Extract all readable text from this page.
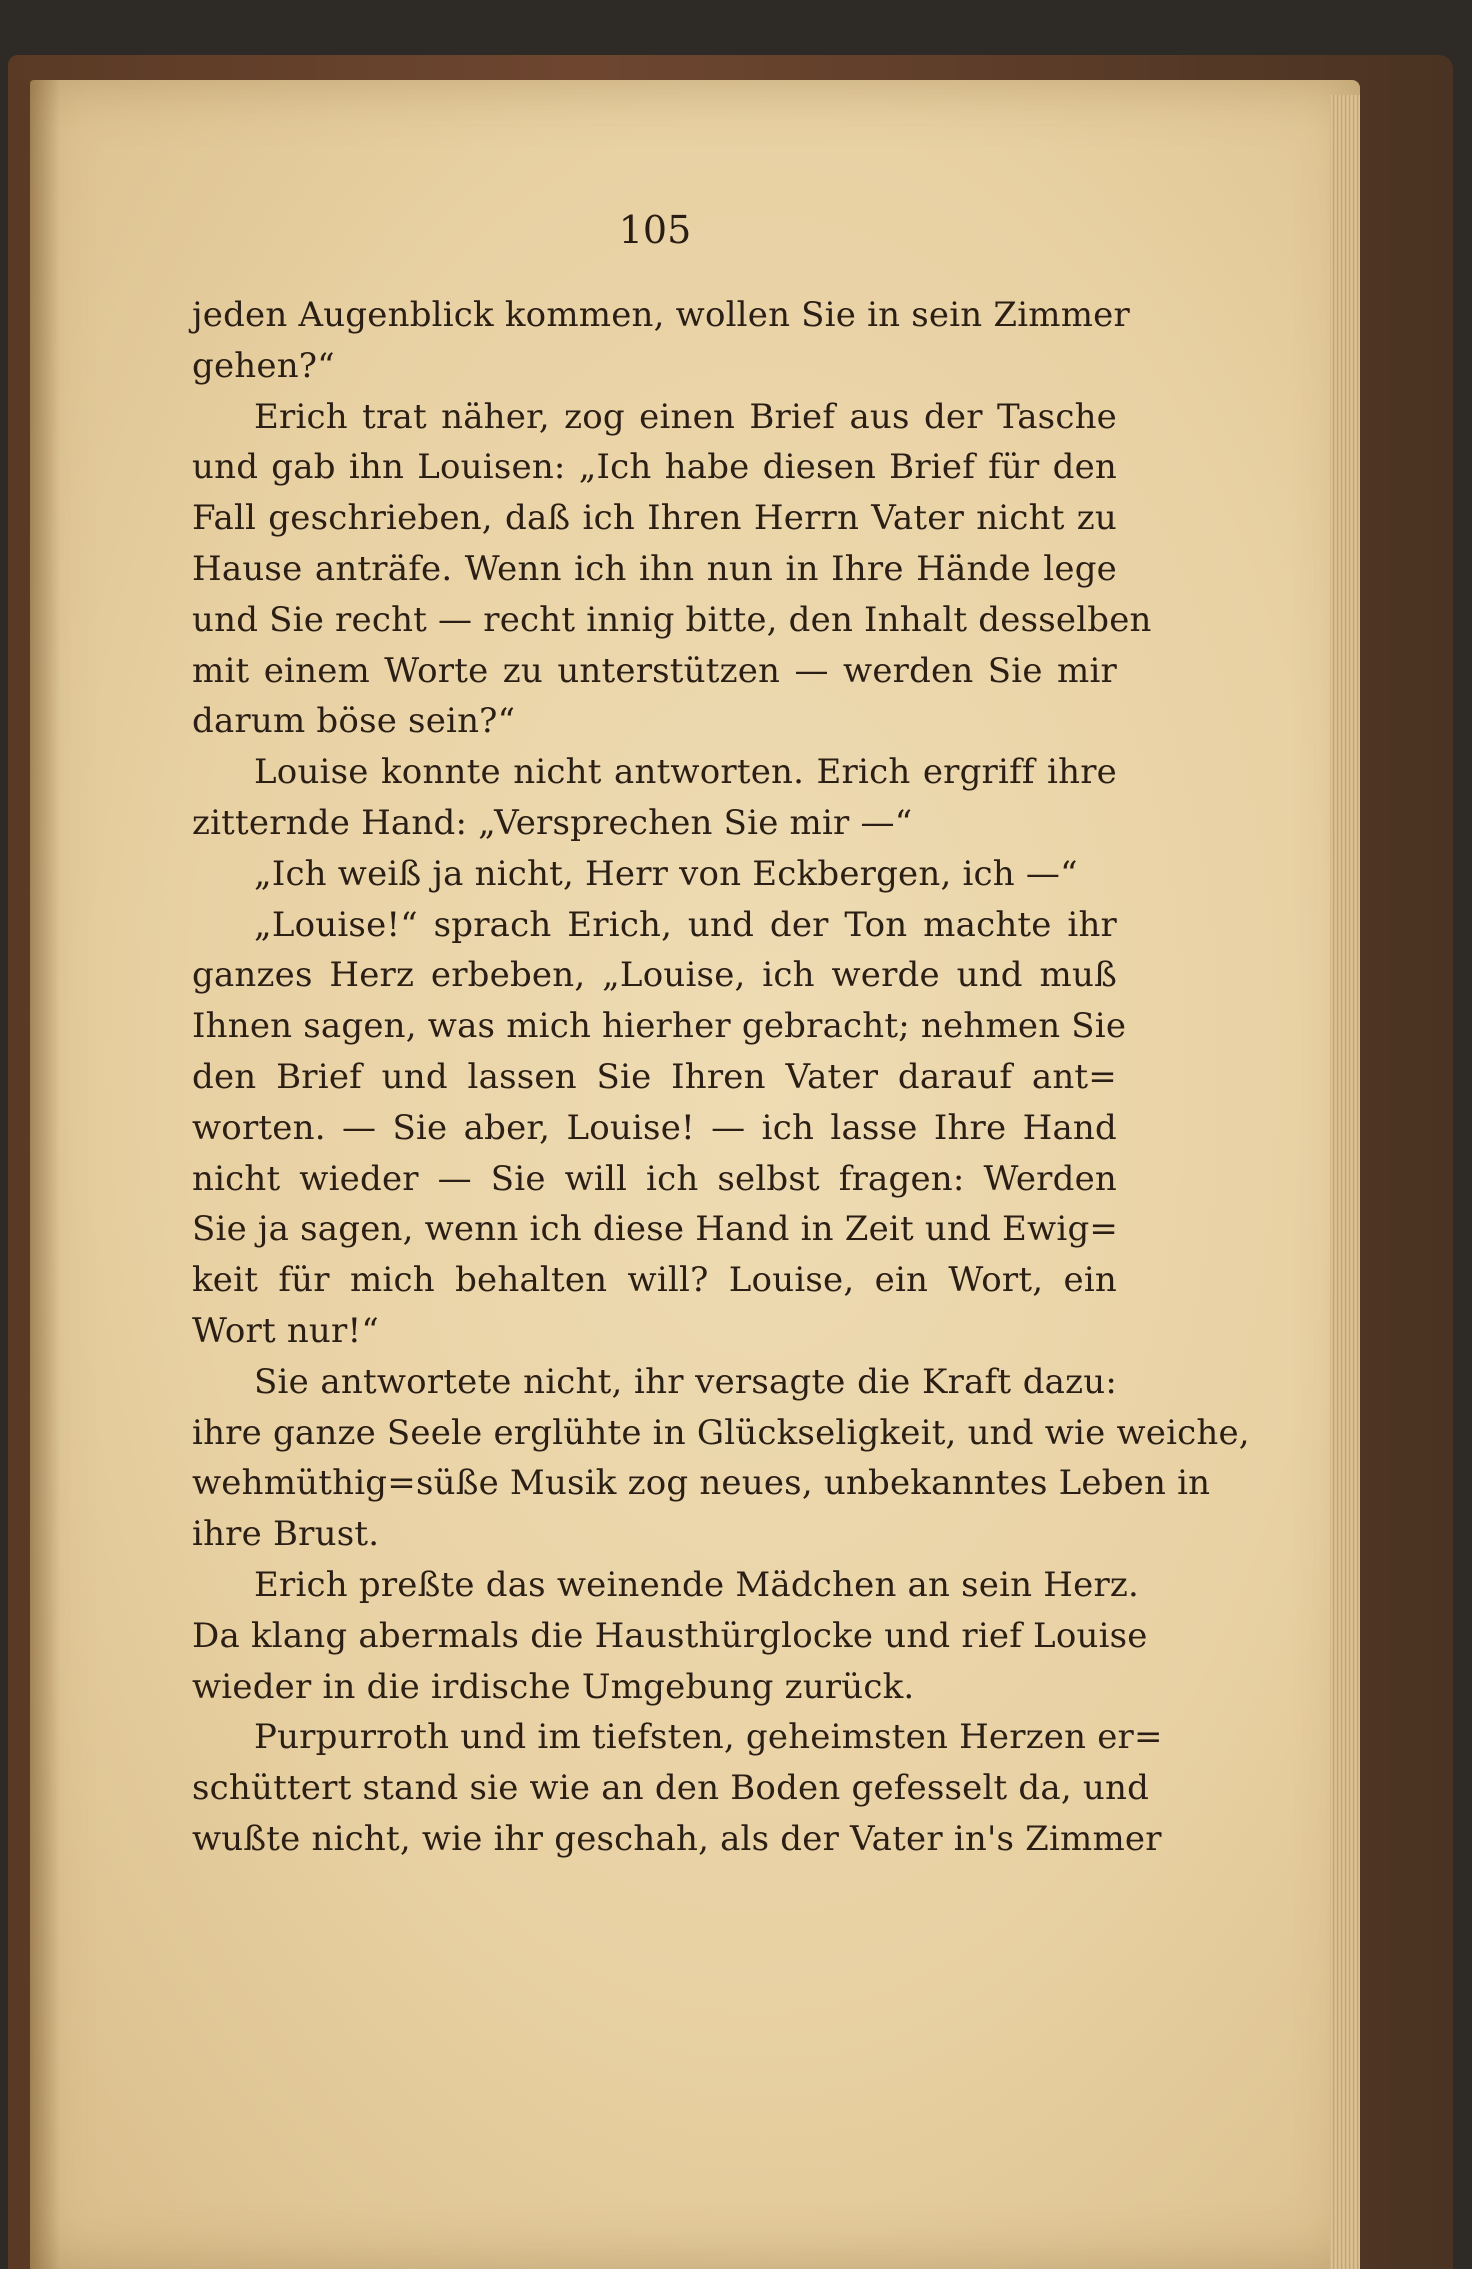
105
jeden Augenblick kommen, wollen Sie in sein Zimmer
gehen?“
Erich trat näher, zog einen Brief aus der Tasche
und gab ihn Louisen: „Ich habe diesen Brief für den
Fall geschrieben, daß ich Ihren Herrn Vater nicht zu
Hause anträfe. Wenn ich ihn nun in Ihre Hände lege
und Sie recht — recht innig bitte, den Inhalt desselben
mit einem Worte zu unterstützen — werden Sie mir
darum böse sein?“
Louise konnte nicht antworten. Erich ergriff ihre
zitternde Hand: „Versprechen Sie mir —“
„Ich weiß ja nicht, Herr von Eckbergen, ich —“
„Louise!“ sprach Erich, und der Ton machte ihr
ganzes Herz erbeben, „Louise, ich werde und muß
Ihnen sagen, was mich hierher gebracht; nehmen Sie
den Brief und lassen Sie Ihren Vater darauf ant=
worten. — Sie aber, Louise! — ich lasse Ihre Hand
nicht wieder — Sie will ich selbst fragen: Werden
Sie ja sagen, wenn ich diese Hand in Zeit und Ewig=
keit für mich behalten will? Louise, ein Wort, ein
Wort nur!“
Sie antwortete nicht, ihr versagte die Kraft dazu:
ihre ganze Seele erglühte in Glückseligkeit, und wie weiche,
wehmüthig=süße Musik zog neues, unbekanntes Leben in
ihre Brust.
Erich preßte das weinende Mädchen an sein Herz.
Da klang abermals die Hausthürglocke und rief Louise
wieder in die irdische Umgebung zurück.
Purpurroth und im tiefsten, geheimsten Herzen er=
schüttert stand sie wie an den Boden gefesselt da, und
wußte nicht, wie ihr geschah, als der Vater in's Zimmer
